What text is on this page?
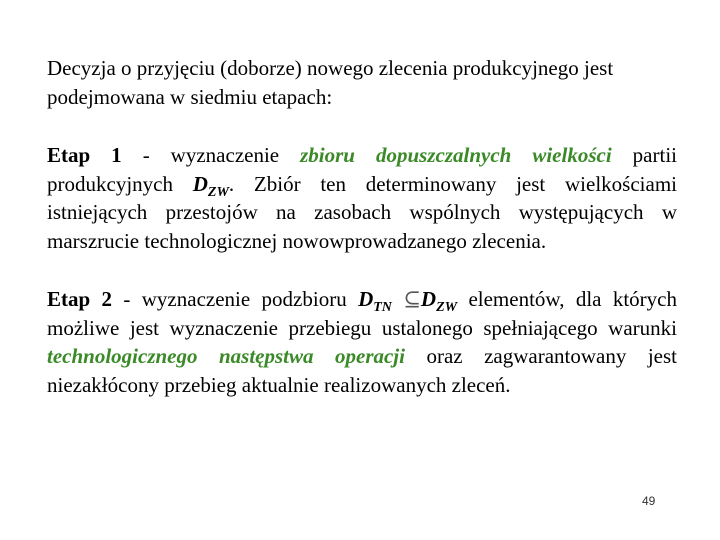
Decyzja o przyjęciu (doborze) nowego zlecenia produkcyjnego jest podejmowana w siedmiu etapach:

Etap 1 - wyznaczenie zbioru dopuszczalnych wielkości partii produkcyjnych $D_{ZW}$. Zbiór ten determinowany jest wielkościami istniejących przestojów na zasobach wspólnych występujących w marszrucie technologicznej nowowprowadzanego zlecenia.

Etap 2 - wyznaczenie podzbioru $D_{TN}$ $⊆D_{ZW}$ elementów, dla których możliwe jest wyznaczenie przebiegu ustalonego spełniającego warunki technologicznego następstwa operacji oraz zagwarantowany jest niezakłócony przebieg aktualnie realizowanych zleceń.

49
